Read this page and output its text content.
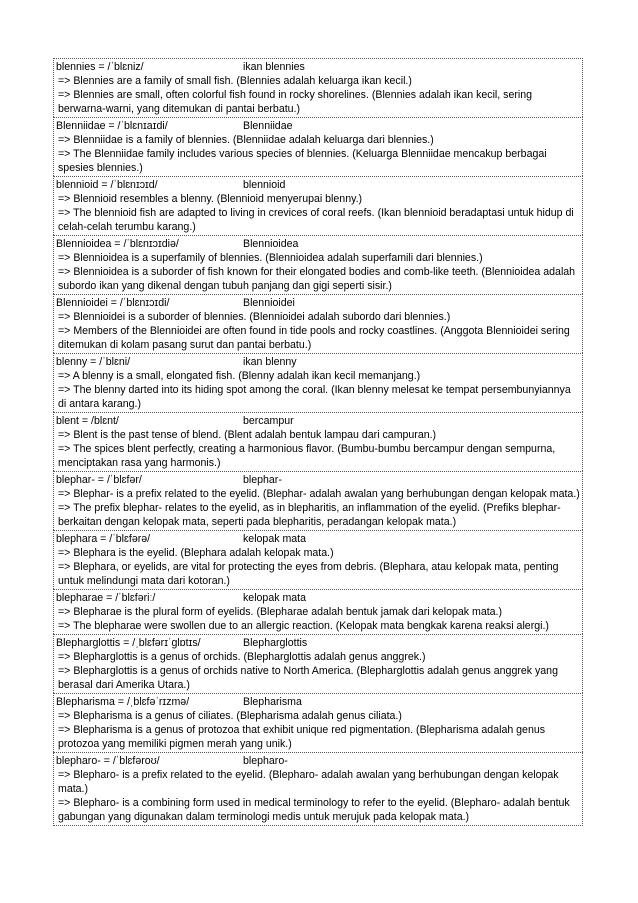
blennies = /ˈblɛniz/	ikan blennies
=> Blennies are a family of small fish. (Blennies adalah keluarga ikan kecil.)
=> Blennies are small, often colorful fish found in rocky shorelines. (Blennies adalah ikan kecil, sering berwarna-warni, yang ditemukan di pantai berbatu.)
Blenniidae = /ˈblɛnɪaɪdi/	Blenniidae
=> Blenniidae is a family of blennies. (Blenniidae adalah keluarga dari blennies.)
=> The Blenniidae family includes various species of blennies. (Keluarga Blenniidae mencakup berbagai spesies blennies.)
blennioid = /ˈblɛnɪɔɪd/	blennioid
=> Blennioid resembles a blenny. (Blennioid menyerupai blenny.)
=> The blennioid fish are adapted to living in crevices of coral reefs. (Ikan blennioid beradaptasi untuk hidup di celah-celah terumbu karang.)
Blennioidea = /ˈblɛnɪɔɪdiə/	Blennioidea
=> Blennioidea is a superfamily of blennies. (Blennioidea adalah superfamili dari blennies.)
=> Blennioidea is a suborder of fish known for their elongated bodies and comb-like teeth. (Blennioidea adalah subordo ikan yang dikenal dengan tubuh panjang dan gigi seperti sisir.)
Blennioidei = /ˈblɛnɪɔɪdi/	Blennioidei
=> Blennioidei is a suborder of blennies. (Blennioidei adalah subordo dari blennies.)
=> Members of the Blennioidei are often found in tide pools and rocky coastlines. (Anggota Blennioidei sering ditemukan di kolam pasang surut dan pantai berbatu.)
blenny = /ˈblɛni/	ikan blenny
=> A blenny is a small, elongated fish. (Blenny adalah ikan kecil memanjang.)
=> The blenny darted into its hiding spot among the coral. (Ikan blenny melesat ke tempat persembunyiannya di antara karang.)
blent = /blɛnt/	bercampur
=> Blent is the past tense of blend. (Blent adalah bentuk lampau dari campuran.)
=> The spices blent perfectly, creating a harmonious flavor. (Bumbu-bumbu bercampur dengan sempurna, menciptakan rasa yang harmonis.)
blephar- = /ˈblɛfər/	blephar-
=> Blephar- is a prefix related to the eyelid. (Blephar- adalah awalan yang berhubungan dengan kelopak mata.)
=> The prefix blephar- relates to the eyelid, as in blepharitis, an inflammation of the eyelid. (Prefiks blephar- berkaitan dengan kelopak mata, seperti pada blepharitis, peradangan kelopak mata.)
blephara = /ˈblɛfərə/	kelopak mata
=> Blephara is the eyelid. (Blephara adalah kelopak mata.)
=> Blephara, or eyelids, are vital for protecting the eyes from debris. (Blephara, atau kelopak mata, penting untuk melindungi mata dari kotoran.)
blepharae = /ˈblɛfəriː/	kelopak mata
=> Blepharae is the plural form of eyelids. (Blepharae adalah bentuk jamak dari kelopak mata.)
=> The blepharae were swollen due to an allergic reaction. (Kelopak mata bengkak karena reaksi alergi.)
Blepharglottis = /ˌblɛfərɪˈɡlɒtɪs/	Blepharglottis
=> Blepharglottis is a genus of orchids. (Blepharglottis adalah genus anggrek.)
=> Blepharglottis is a genus of orchids native to North America. (Blepharglottis adalah genus anggrek yang berasal dari Amerika Utara.)
Blepharisma = /ˌblɛfəˈrɪzmə/	Blepharisma
=> Blepharisma is a genus of ciliates. (Blepharisma adalah genus ciliata.)
=> Blepharisma is a genus of protozoa that exhibit unique red pigmentation. (Blepharisma adalah genus protozoa yang memiliki pigmen merah yang unik.)
blepharo- = /ˈblɛfəroʊ/	blepharo-
=> Blepharo- is a prefix related to the eyelid. (Blepharo- adalah awalan yang berhubungan dengan kelopak mata.)
=> Blepharo- is a combining form used in medical terminology to refer to the eyelid. (Blepharo- adalah bentuk gabungan yang digunakan dalam terminologi medis untuk merujuk pada kelopak mata.)
